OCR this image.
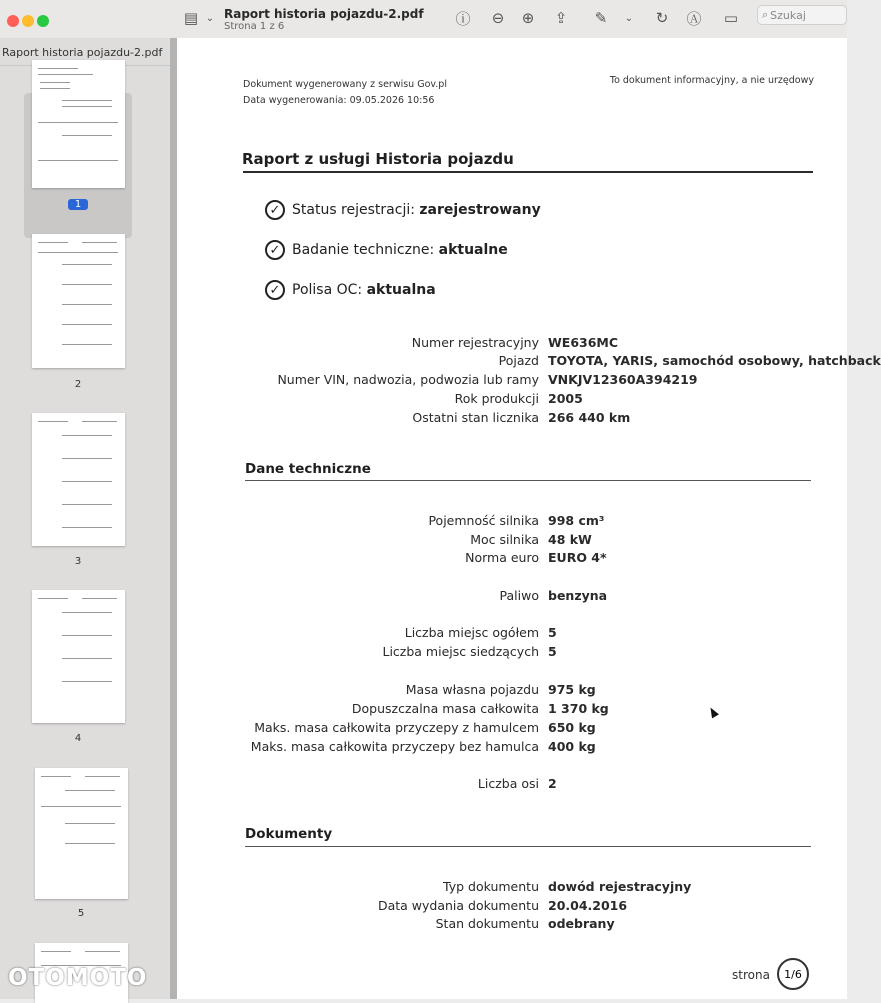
▤ ⌄ Raport historia pojazdu-2.pdf
Strona 1 z 6	ⓘ	⊖	⊕	⇪	✎	⌄	↻	Ⓐ ▭	⌕ Szukaj
Raport historia pojazdu-2.pdf
1
2
3
4
5
Dokument wygenerowany z serwisu Gov.pl
Data wygenerowania: 09.05.2026 10:56
To dokument informacyjny, a nie urzędowy
Raport z usługi Historia pojazdu
✓ Status rejestracji:
zarejestrowany
✓ Badanie techniczne:
aktualne
✓ Polisa OC:
aktualna
Numer rejestracyjny WE636MC
Pojazd TOYOTA, YARIS, samochód osobowy, hatchback
Numer VIN, nadwozia, podwozia lub ramy VNKJV12360A394219
Rok produkcji 2005
Ostatni stan licznika 266 440 km
Dane techniczne
Pojemność silnika 998 cm³
Moc silnika 48 kW
Norma euro EURO 4*
Paliwo benzyna
Liczba miejsc ogółem 5
Liczba miejsc siedzących 5
Masa własna pojazdu 975 kg
Dopuszczalna masa całkowita 1 370 kg
Maks. masa całkowita przyczepy z hamulcem 650 kg
Maks. masa całkowita przyczepy bez hamulca 400 kg
Liczba osi 2
Dokumenty
Typ dokumentu dowód rejestracyjny
Data wydania dokumentu 20.04.2016
Stan dokumentu odebrany
strona	1/6
OTOMOTO
